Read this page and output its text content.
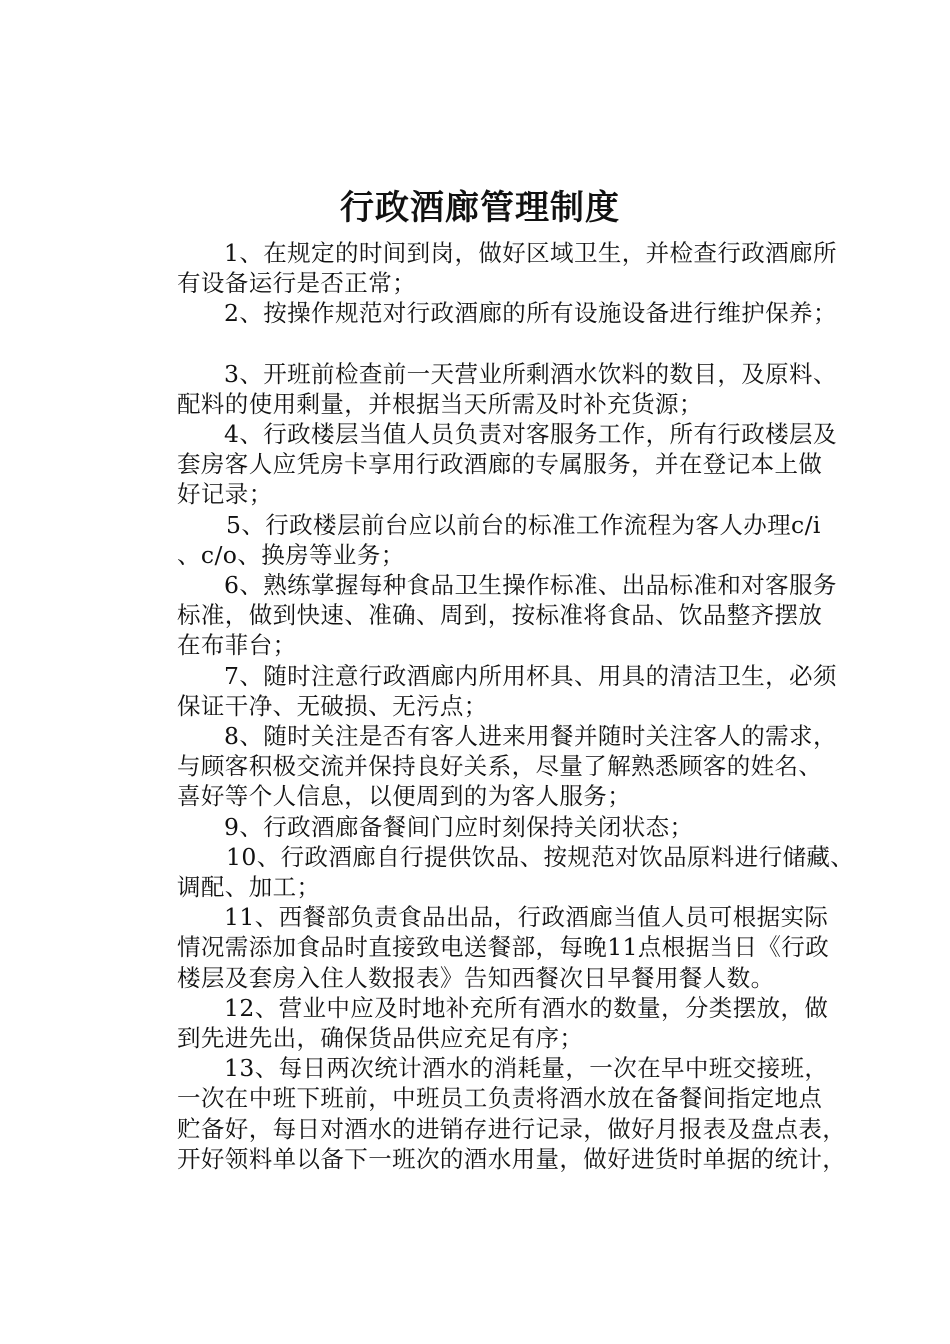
行政酒廊管理制度
1、在规定的时间到岗，做好区域卫生，并检查行政酒廊所
有设备运行是否正常；
2、按操作规范对行政酒廊的所有设施设备进行维护保养；
3、开班前检查前一天营业所剩酒水饮料的数目，及原料、
配料的使用剩量，并根据当天所需及时补充货源；
4、行政楼层当值人员负责对客服务工作，所有行政楼层及
套房客人应凭房卡享用行政酒廊的专属服务，并在登记本上做
好记录；
5、行政楼层前台应以前台的标准工作流程为客人办理c/i
、c/o、换房等业务；
6、熟练掌握每种食品卫生操作标准、出品标准和对客服务
标准，做到快速、准确、周到，按标准将食品、饮品整齐摆放
在布菲台；
7、随时注意行政酒廊内所用杯具、用具的清洁卫生，必须
保证干净、无破损、无污点；
8、随时关注是否有客人进来用餐并随时关注客人的需求，
与顾客积极交流并保持良好关系，尽量了解熟悉顾客的姓名、
喜好等个人信息，以便周到的为客人服务；
9、行政酒廊备餐间门应时刻保持关闭状态；
10、行政酒廊自行提供饮品、按规范对饮品原料进行储藏、
调配、加工；
11、西餐部负责食品出品，行政酒廊当值人员可根据实际
情况需添加食品时直接致电送餐部，每晚11点根据当日《行政
楼层及套房入住人数报表》告知西餐次日早餐用餐人数。
12、营业中应及时地补充所有酒水的数量，分类摆放，做
到先进先出，确保货品供应充足有序；
13、每日两次统计酒水的消耗量，一次在早中班交接班，
一次在中班下班前，中班员工负责将酒水放在备餐间指定地点
贮备好，每日对酒水的进销存进行记录，做好月报表及盘点表，
开好领料单以备下一班次的酒水用量，做好进货时单据的统计，
